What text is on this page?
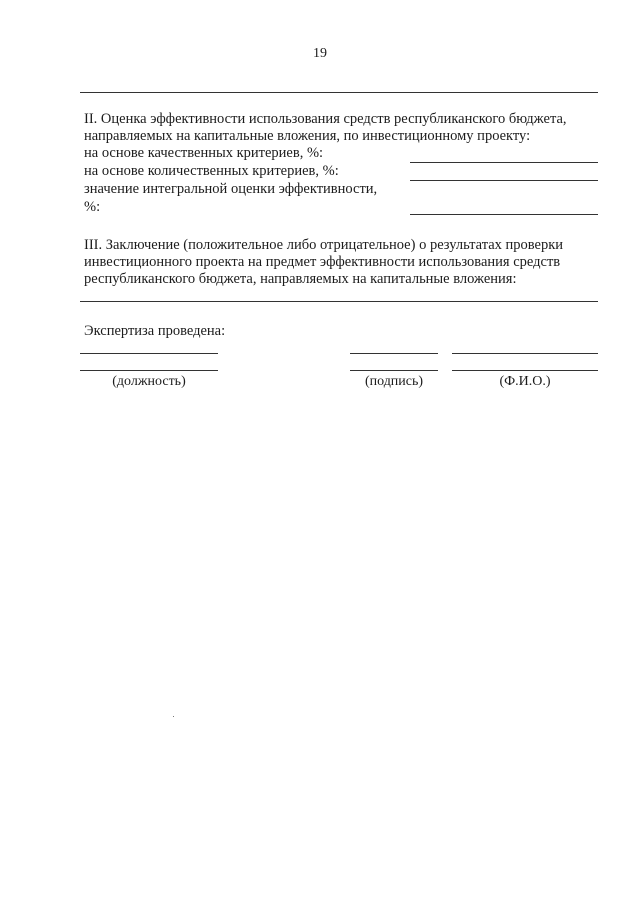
19
II. Оценка эффективности использования средств республиканского бюджета,
направляемых на капитальные вложения, по инвестиционному проекту:
на основе качественных критериев, %:
на основе количественных критериев, %:
значение интегральной оценки эффективности,
%:
III. Заключение (положительное либо отрицательное) о результатах проверки
инвестиционного проекта на предмет эффективности использования средств
республиканского бюджета, направляемых на капитальные вложения:
Экспертиза проведена:
(должность)	(подпись)	(Ф.И.О.)
